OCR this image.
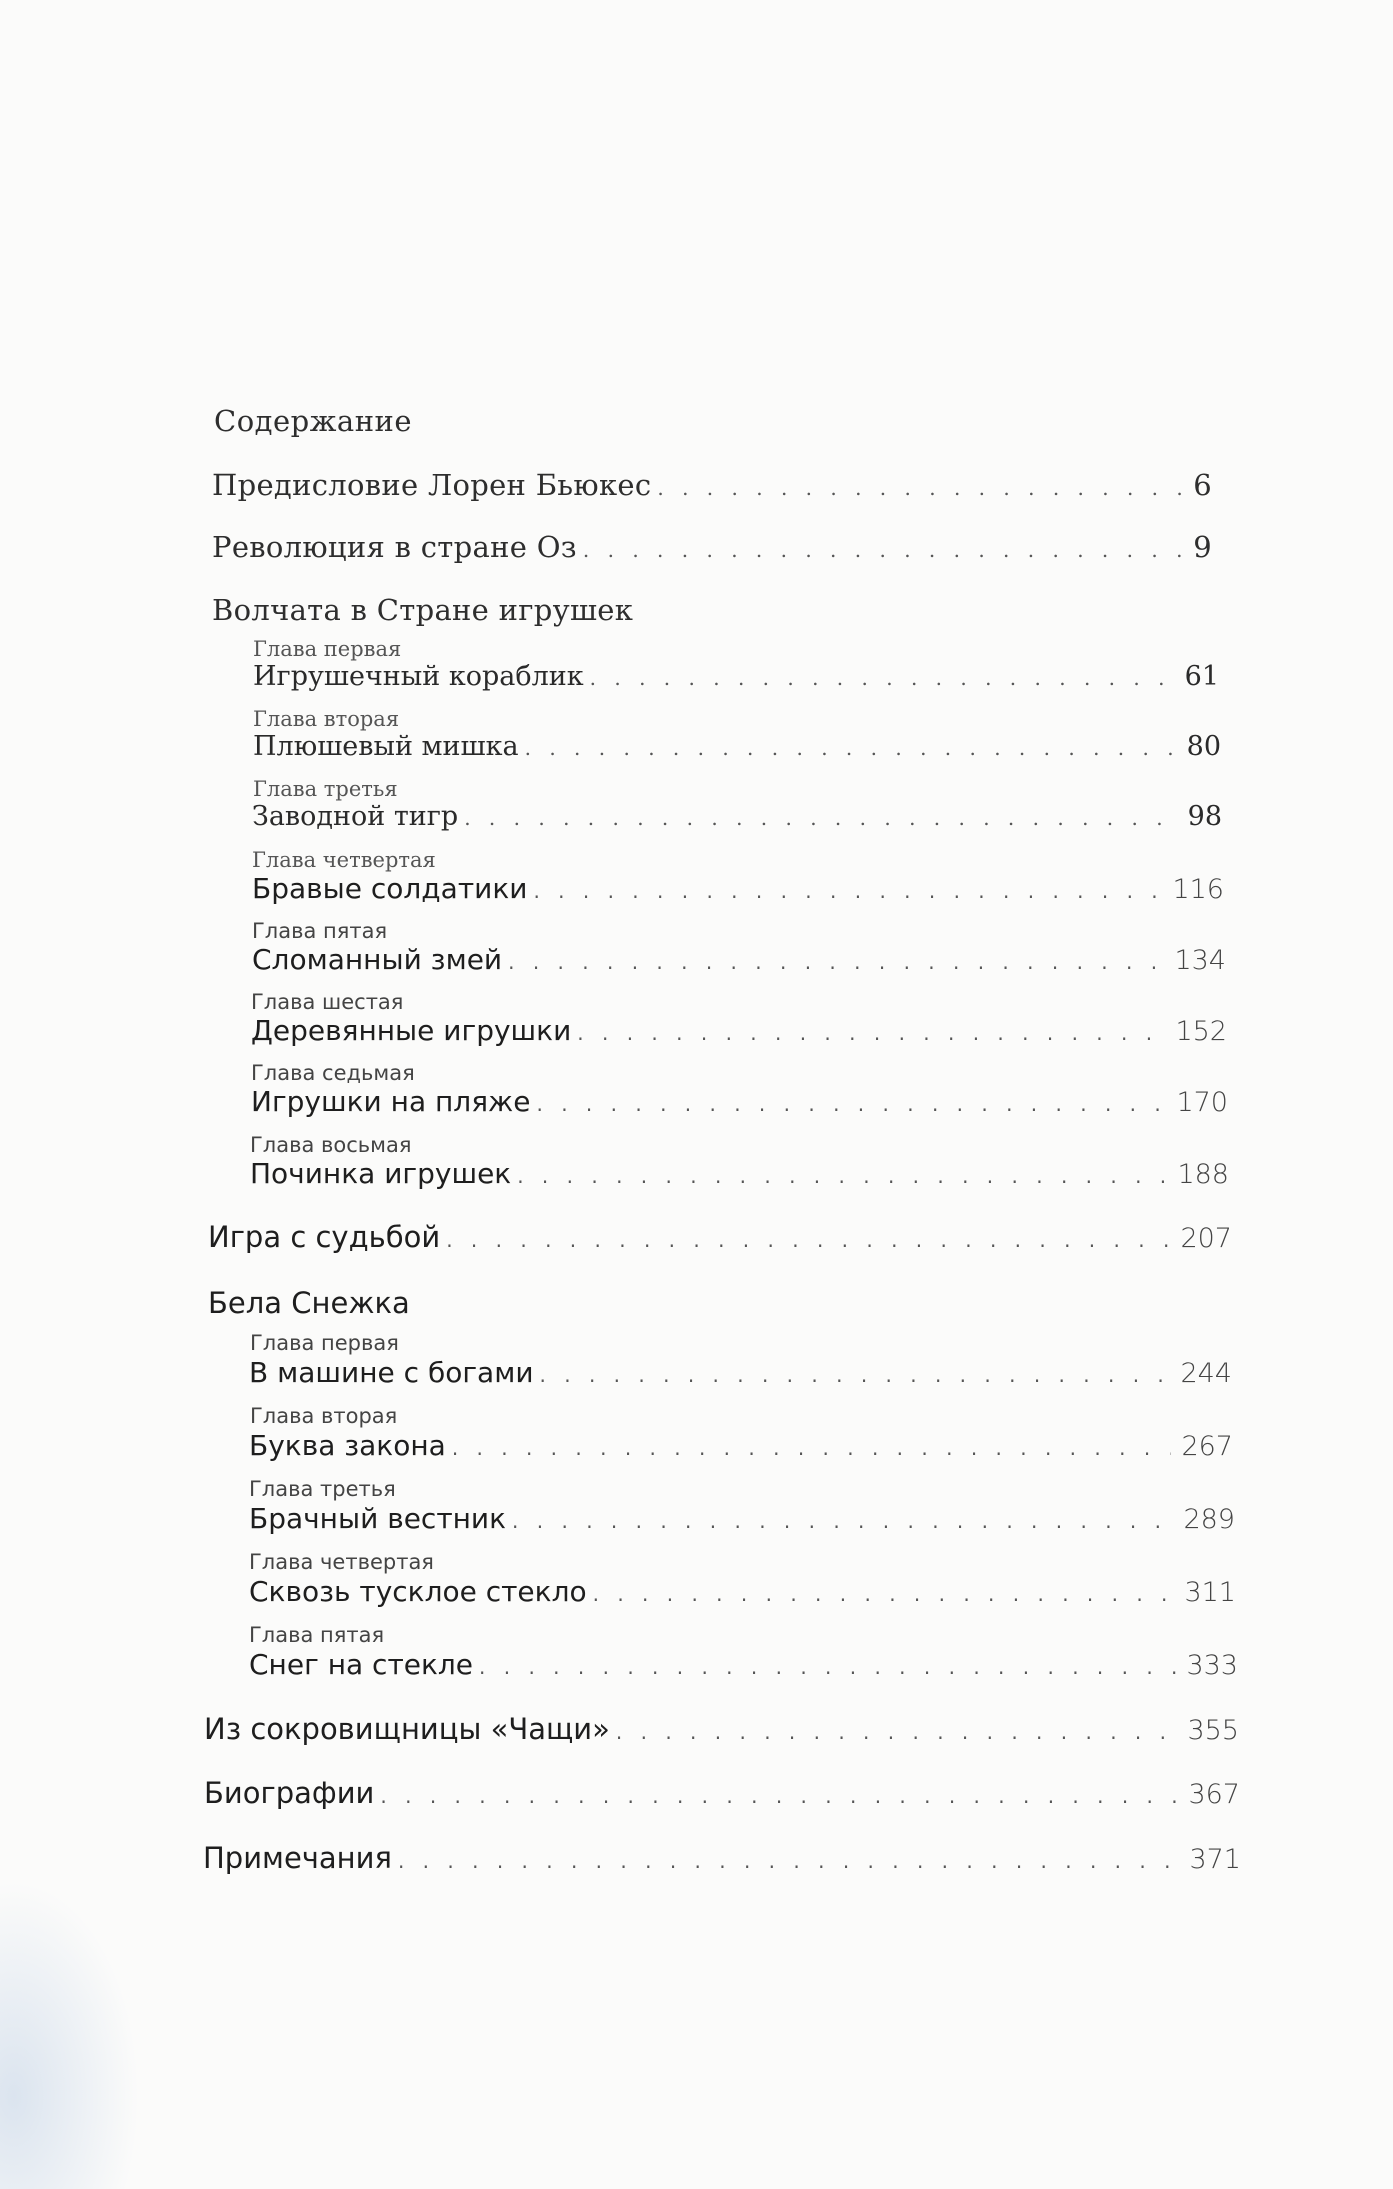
Содержание
Предисловие Лорен Бьюкес . . .	6
Революция в стране Оз . . .	9
Волчата в Стране игрушек
Глава первая
Игрушечный кораблик . . .	61
Глава вторая
Плюшевый мишка . . .	80
Глава третья
Заводной тигр . . .	98
Глава четвертая
Бравые солдатики . . .	116
Глава пятая
Сломанный змей . . .	134
Глава шестая
Деревянные игрушки . . .	152
Глава седьмая
Игрушки на пляже . . .	170
Глава восьмая
Починка игрушек . . .	188
Игра с судьбой . . .	207
Бела Снежка
Глава первая
В машине с богами . . .	244
Глава вторая
Буква закона . . .	267
Глава третья
Брачный вестник . . .	289
Глава четвертая
Сквозь тусклое стекло . . .	311
Глава пятая
Снег на стекле . . .	333
Из сокровищницы «Чащи» . . .	355
Биографии . . .	367
Примечания . . .	371
